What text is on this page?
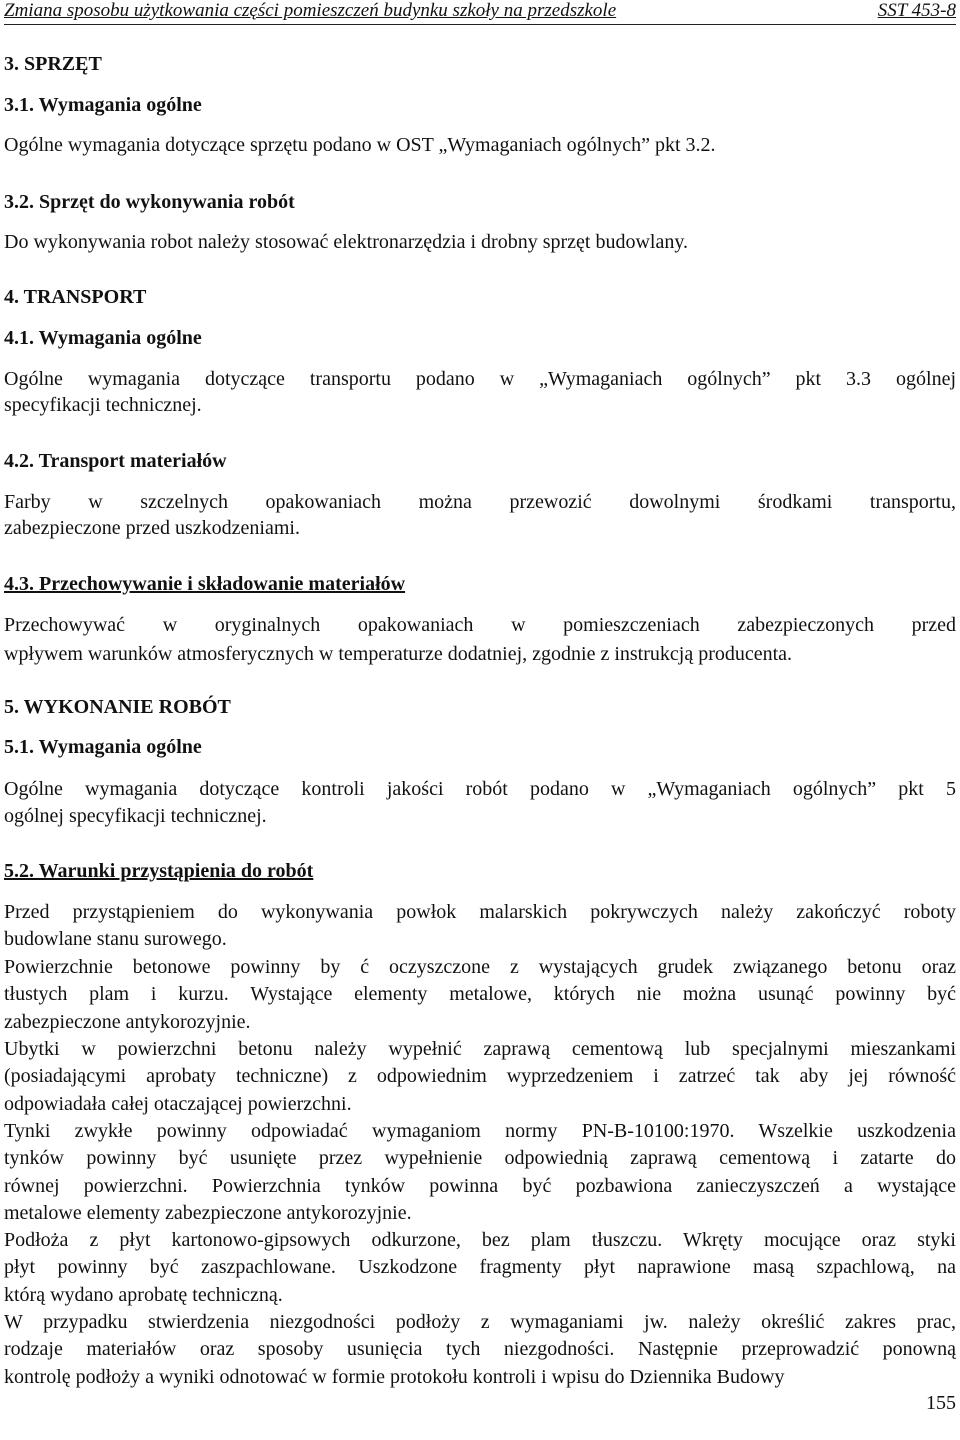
Zmiana sposobu użytkowania części pomieszczeń budynku szkoły na przedszkole	SST 453-8
3. SPRZĘT
3.1. Wymagania ogólne
Ogólne wymagania dotyczące sprzętu podano w OST „Wymaganiach ogólnych” pkt 3.2.
3.2. Sprzęt do wykonywania robót
Do wykonywania robot należy stosować elektronarzędzia i drobny sprzęt budowlany.
4. TRANSPORT
4.1. Wymagania ogólne
Ogólne wymagania dotyczące transportu podano w „Wymaganiach ogólnych” pkt 3.3 ogólnej
specyfikacji technicznej.
4.2. Transport materiałów
Farby w szczelnych opakowaniach można przewozić dowolnymi środkami transportu,
zabezpieczone przed uszkodzeniami.
4.3. Przechowywanie i składowanie materiałów
Przechowywać w oryginalnych opakowaniach w pomieszczeniach zabezpieczonych przed
wpływem warunków atmosferycznych w temperaturze dodatniej, zgodnie z instrukcją producenta.
5. WYKONANIE ROBÓT
5.1. Wymagania ogólne
Ogólne wymagania dotyczące kontroli jakości robót podano w „Wymaganiach ogólnych” pkt 5
ogólnej specyfikacji technicznej.
5.2. Warunki przystąpienia do robót
Przed przystąpieniem do wykonywania powłok malarskich pokrywczych należy zakończyć roboty
budowlane stanu surowego.
Powierzchnie betonowe powinny by ć oczyszczone z wystających grudek związanego betonu oraz
tłustych plam i kurzu. Wystające elementy metalowe, których nie można usunąć powinny być
zabezpieczone antykorozyjnie.
Ubytki w powierzchni betonu należy wypełnić zaprawą cementową lub specjalnymi mieszankami
(posiadającymi aprobaty techniczne) z odpowiednim wyprzedzeniem i zatrzeć tak aby jej równość
odpowiadała całej otaczającej powierzchni.
Tynki zwykłe powinny odpowiadać wymaganiom normy PN-B-10100:1970. Wszelkie uszkodzenia
tynków powinny być usunięte przez wypełnienie odpowiednią zaprawą cementową i zatarte do
równej powierzchni. Powierzchnia tynków powinna być pozbawiona zanieczyszczeń a wystające
metalowe elementy zabezpieczone antykorozyjnie.
Podłoża z płyt kartonowo-gipsowych odkurzone, bez plam tłuszczu. Wkręty mocujące oraz styki
płyt powinny być zaszpachlowane. Uszkodzone fragmenty płyt naprawione masą szpachlową, na
którą wydano aprobatę techniczną.
W przypadku stwierdzenia niezgodności podłoży z wymaganiami jw. należy określić zakres prac,
rodzaje materiałów oraz sposoby usunięcia tych niezgodności. Następnie przeprowadzić ponowną
kontrolę podłoży a wyniki odnotować w formie protokołu kontroli i wpisu do Dziennika Budowy
155
